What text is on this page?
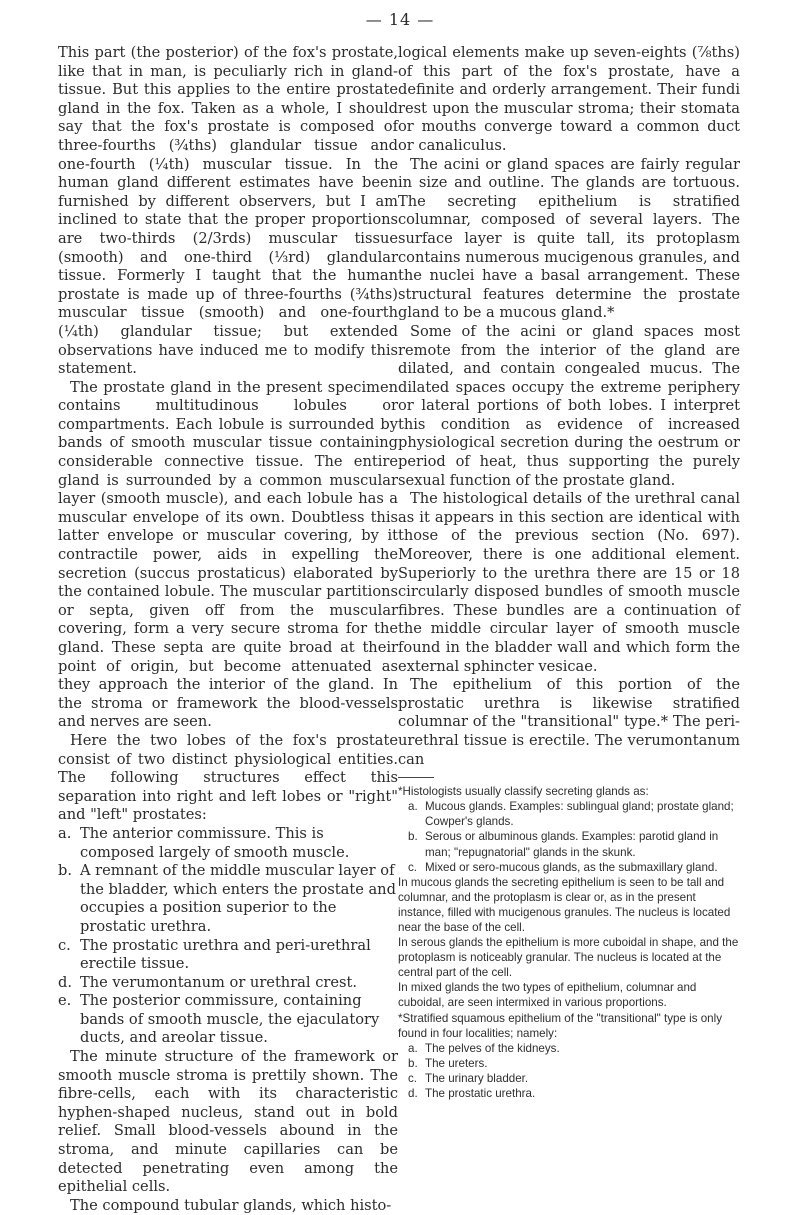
— 14 —

This part (the posterior) of the fox's prostate, like that in man, is peculiarly rich in gland-tissue. But this applies to the entire prostate gland in the fox. Taken as a whole, I should say that the fox's prostate is composed of three-fourths (¾ths) glandular tissue and one-fourth (¼th) muscular tissue. In the human gland different estimates have been furnished by different observers, but I am inclined to state that the proper proportions are two-thirds (2/3rds) muscular tissue (smooth) and one-third (⅓rd) glandular tissue. Formerly I taught that the human prostate is made up of three-fourths (¾ths) muscular tissue (smooth) and one-fourth (¼th) glandular tissue; but extended observations have induced me to modify this statement.

The prostate gland in the present specimen contains multitudinous lobules or compartments. Each lobule is surrounded by bands of smooth muscular tissue containing considerable connective tissue. The entire gland is surrounded by a common muscular layer (smooth muscle), and each lobule has a muscular envelope of its own. Doubtless this latter envelope or muscular covering, by it contractile power, aids in expelling the secretion (succus prostaticus) elaborated by the contained lobule. The muscular partitions or septa, given off from the muscular covering, form a very secure stroma for the gland. These septa are quite broad at their point of origin, but become attenuated as they approach the interior of the gland. In the stroma or framework the blood-vessels and nerves are seen.

Here the two lobes of the fox's prostate consist of two distinct physiological entities. The following structures effect this separation into right and left lobes or "right" and "left" prostates:

a. The anterior commissure. This is composed largely of smooth muscle.
b. A remnant of the middle muscular layer of the bladder, which enters the prostate and occupies a position superior to the prostatic urethra.
c. The prostatic urethra and peri-urethral erectile tissue.
d. The verumontanum or urethral crest.
e. The posterior commissure, containing bands of smooth muscle, the ejaculatory ducts, and areolar tissue.

The minute structure of the framework or smooth muscle stroma is prettily shown. The fibre-cells, each with its characteristic hyphen-shaped nucleus, stand out in bold relief. Small blood-vessels abound in the stroma, and minute capillaries can be detected penetrating even among the epithelial cells.

The compound tubular glands, which histo-

logical elements make up seven-eights (⅞ths) of this part of the fox's prostate, have a definite and orderly arrangement. Their fundi rest upon the muscular stroma; their stomata or mouths converge toward a common duct or canaliculus.

The acini or gland spaces are fairly regular in size and outline. The glands are tortuous. The secreting epithelium is stratified columnar, composed of several layers. The surface layer is quite tall, its protoplasm contains numerous mucigenous granules, and the nuclei have a basal arrangement. These structural features determine the prostate gland to be a mucous gland.*

Some of the acini or gland spaces most remote from the interior of the gland are dilated, and contain congealed mucus. The dilated spaces occupy the extreme periphery or lateral portions of both lobes. I interpret this condition as evidence of increased physiological secretion during the oestrum or period of heat, thus supporting the purely sexual function of the prostate gland.

The histological details of the urethral canal as it appears in this section are identical with those of the previous section (No. 697). Moreover, there is one additional element. Superiorly to the urethra there are 15 or 18 circularly disposed bundles of smooth muscle fibres. These bundles are a continuation of the middle circular layer of smooth muscle found in the bladder wall and which form the external sphincter vesicae.

The epithelium of this portion of the prostatic urethra is likewise stratified columnar of the "transitional" type.* The peri-urethral tissue is erectile. The verumontanum can

*Histologists usually classify secreting glands as:

a. Mucous glands. Examples: sublingual gland; prostate gland; Cowper's glands.
b. Serous or albuminous glands. Examples: parotid gland in man; "repugnatorial" glands in the skunk.
c. Mixed or sero-mucous glands, as the submaxillary gland.

In mucous glands the secreting epithelium is seen to be tall and columnar, and the protoplasm is clear or, as in the present instance, filled with mucigenous granules. The nucleus is located near the base of the cell.

In serous glands the epithelium is more cuboidal in shape, and the protoplasm is noticeably granular. The nucleus is located at the central part of the cell.

In mixed glands the two types of epithelium, columnar and cuboidal, are seen intermixed in various proportions.

*Stratified squamous epithelium of the "transitional" type is only found in four localities; namely:

a. The pelves of the kidneys.
b. The ureters.
c. The urinary bladder.
d. The prostatic urethra.
